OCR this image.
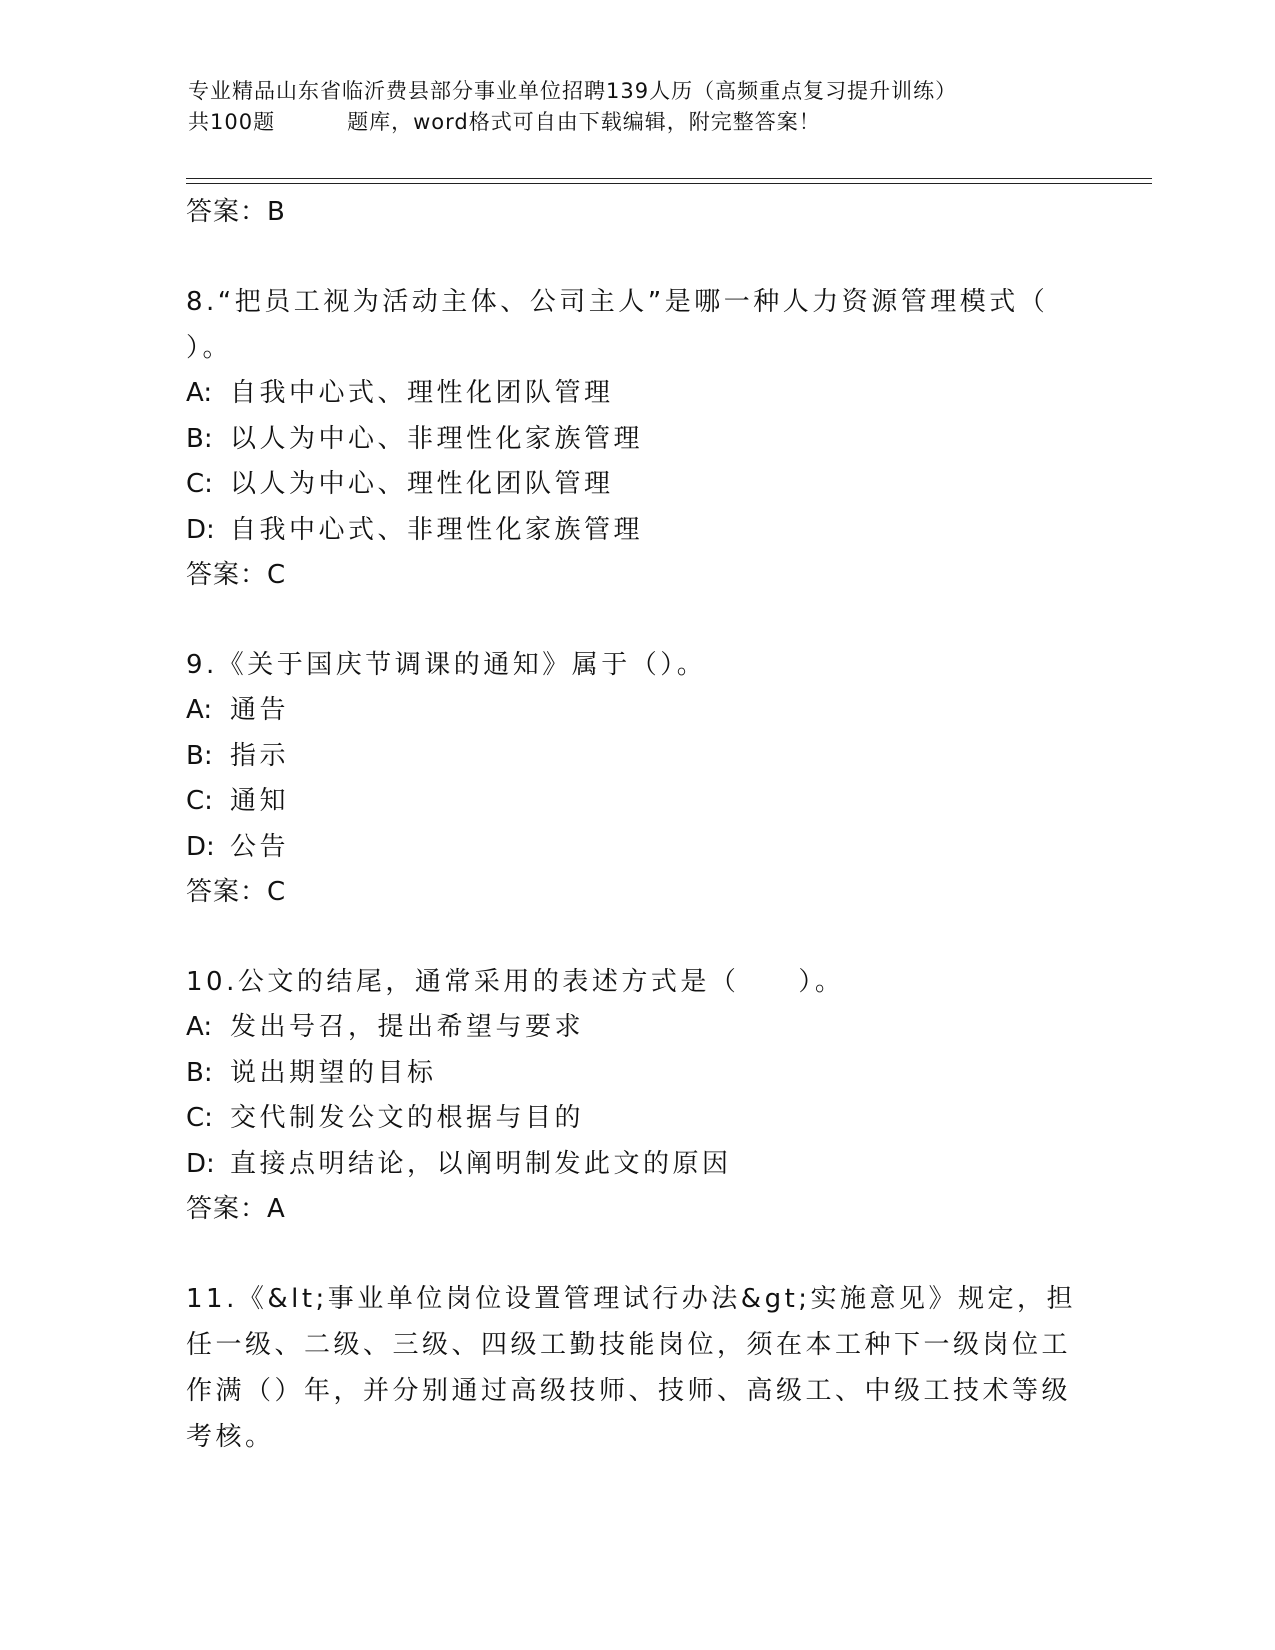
专业精品山东省临沂费县部分事业单位招聘139人历（高频重点复习提升训练）
共100题	题库，word格式可自由下载编辑，附完整答案！
答案：B
8.“把员工视为活动主体、公司主人”是哪一种人力资源管理模式（ ）。
A: 自我中心式、理性化团队管理
B: 以人为中心、非理性化家族管理
C: 以人为中心、理性化团队管理
D: 自我中心式、非理性化家族管理
答案：C
9.《关于国庆节调课的通知》属于（）。
A: 通告
B: 指示
C: 通知
D: 公告
答案：C
10.公文的结尾，通常采用的表述方式是（　　）。
A: 发出号召，提出希望与要求
B: 说出期望的目标
C: 交代制发公文的根据与目的
D: 直接点明结论，以阐明制发此文的原因
答案：A
11.《&lt;事业单位岗位设置管理试行办法&gt;实施意见》规定，担任一级、二级、三级、四级工勤技能岗位，须在本工种下一级岗位工作满（）年，并分别通过高级技师、技师、高级工、中级工技术等级考核。
